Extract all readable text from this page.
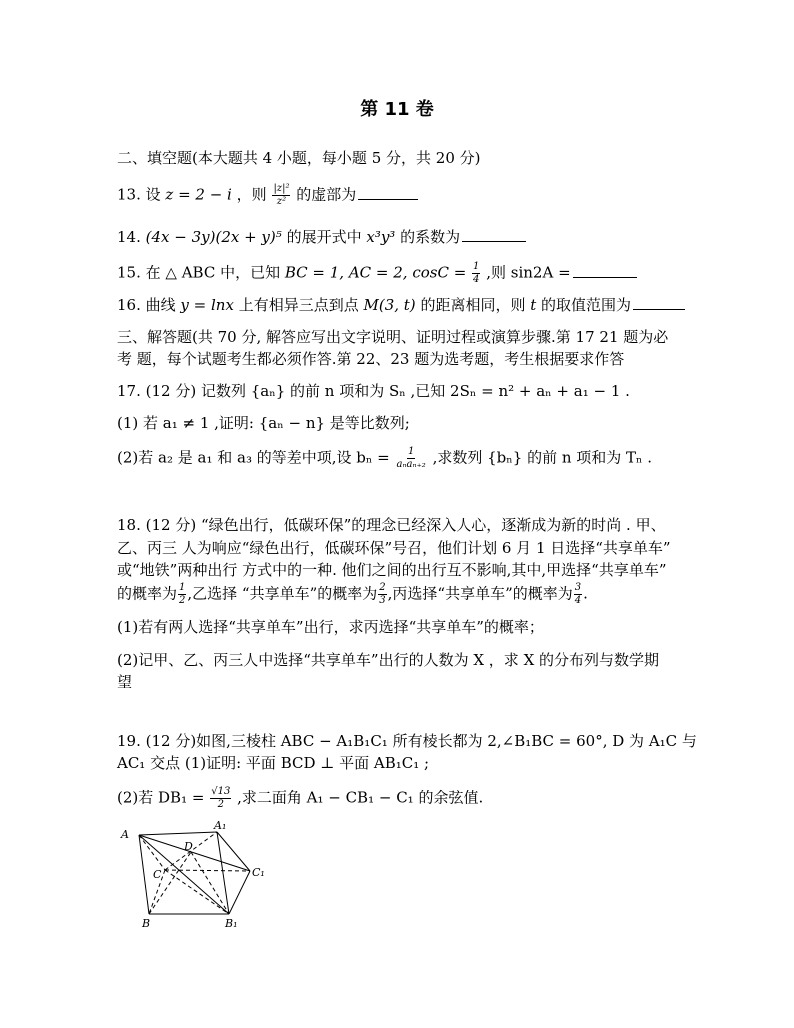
第 11 卷
二、填空题(本大题共 4 小题，每小题 5 分，共 20 分)
13. 设 z = 2 − i ，则 $\frac{\text{|z|²}}{\text{z²}}$ 的虚部为
14. (4x − 3y)(2x + y)⁵ 的展开式中 x³y³ 的系数为
15. 在 △ ABC 中，已知 BC = 1, AC = 2, $\cos C = \frac{1}{4}$ ,则 sin2A =
16. 曲线 y = lnx 上有相异三点到点 M(3, t) 的距离相同，则 t 的取值范围为
三、解答题(共 70 分, 解答应写出文字说明、证明过程或演算步骤.第 17 21 题为必
考 题，每个试题考生都必须作答.第 22、23 题为选考题，考生根据要求作答
17. (12 分) 记数列 {aₙ} 的前 n 项和为 Sₙ ,已知 2Sₙ = n² + aₙ + a₁ − 1 .
(1) 若 a₁ ≠ 1 ,证明: {aₙ − n} 是等比数列;
(2)若 a₂ 是 a₁ 和 a₃ 的等差中项,设 $b_n = \frac{1}{\text{aₙaₙ₊₂}}$ ,求数列 {bₙ} 的前 n 项和为 Tₙ .
18. (12 分) “绿色出行，低碳环保”的理念已经深入人心，逐渐成为新的时尚 . 甲、
乙、丙三 人为响应“绿色出行，低碳环保”号召，他们计划 6 月 1 日选择“共享单车”
或“地铁”两种出行 方式中的一种. 他们之间的出行互不影响,其中,甲选择“共享单车”
的概率为 $\frac{1}{2}$ ,乙选择 “共享单车”的概率为 $\frac{2}{3}$ ,丙选择“共享单车”的概率为 $\frac{3}{4}$ .
(1)若有两人选择“共享单车”出行，求丙选择“共享单车”的概率；
(2)记甲、乙、丙三人中选择“共享单车”出行的人数为 X ，求 X 的分布列与数学期
望
19. (12 分)如图,三棱柱 ABC − A₁B₁C₁ 所有棱长都为 2,∠B₁BC = 60°, D 为 A₁C 与
AC₁ 交点 (1)证明: 平面 BCD ⊥ 平面 AB₁C₁ ;
(2)若 $DB_1 = \frac{√13}{2}$ ,求二面角 A₁ − CB₁ − C₁ 的余弦值.
A
A₁
D
C	C₁
B	B₁
